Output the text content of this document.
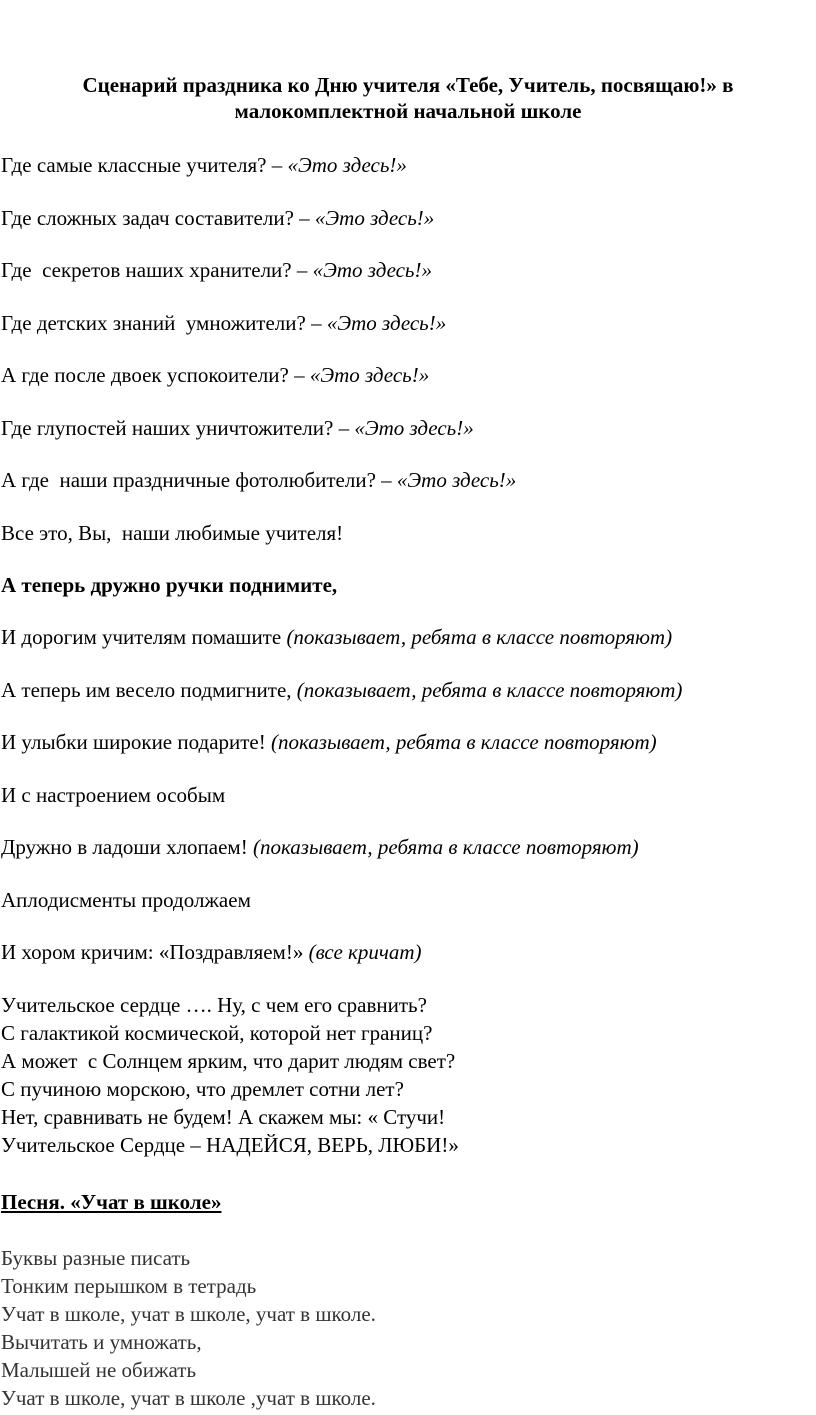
Сценарий праздника ко Дню учителя «Тебе, Учитель, посвящаю!» в
малокомплектной начальной школе

Где самые классные учителя? – «Это здесь!»

Где сложных задач составители? – «Это здесь!»

Где  секретов наших хранители? – «Это здесь!»

Где детских знаний  умножители? – «Это здесь!»

А где после двоек успокоители? – «Это здесь!»

Где глупостей наших уничтожители? – «Это здесь!»

А где  наши праздничные фотолюбители? – «Это здесь!»

Все это, Вы,  наши любимые учителя!

А теперь дружно ручки поднимите,

И дорогим учителям помашите (показывает, ребята в классе повторяют)

А теперь им весело подмигните, (показывает, ребята в классе повторяют)

И улыбки широкие подарите! (показывает, ребята в классе повторяют)

И с настроением особым

Дружно в ладоши хлопаем! (показывает, ребята в классе повторяют)

Аплодисменты продолжаем

И хором кричим: «Поздравляем!» (все кричат)

Учительское сердце …. Ну, с чем его сравнить?
С галактикой космической, которой нет границ?
А может  с Солнцем ярким, что дарит людям свет?
С пучиною морскою, что дремлет сотни лет?
Нет, сравнивать не будем! А скажем мы: « Стучи!
Учительское Сердце – НАДЕЙСЯ, ВЕРЬ, ЛЮБИ!»

Песня. «Учат в школе»

Буквы разные писать
Тонким перышком в тетрадь
Учат в школе, учат в школе, учат в школе.
Вычитать и умножать,
Малышей не обижать
Учат в школе, учат в школе ,учат в школе.
